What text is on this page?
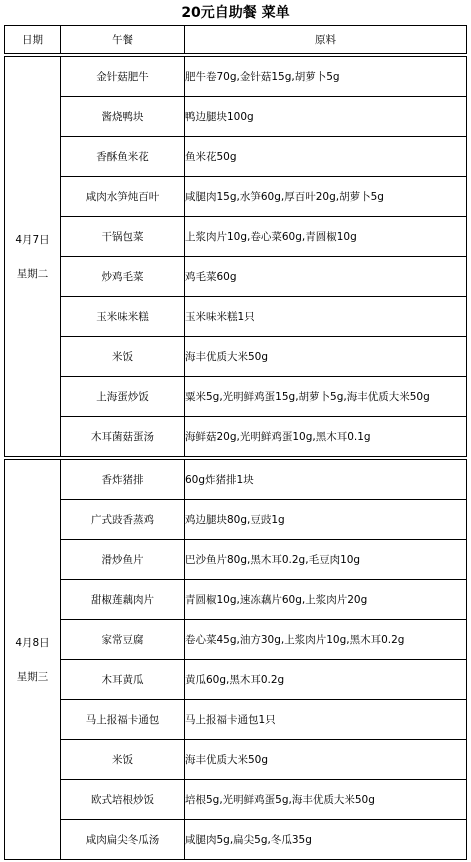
20元自助餐 菜单
日期	午餐	原料

4月7日
星期二	金针菇肥牛	肥牛卷70g,金针菇15g,胡萝卜5g
	酱烧鸭块	鸭边腿块100g
	香酥鱼米花	鱼米花50g
	咸肉水笋炖百叶	咸腿肉15g,水笋60g,厚百叶20g,胡萝卜5g
	干锅包菜	上浆肉片10g,卷心菜60g,青圆椒10g
	炒鸡毛菜	鸡毛菜60g
	玉米味米糕	玉米味米糕1只
	米饭	海丰优质大米50g
	上海蛋炒饭	粟米5g,光明鲜鸡蛋15g,胡萝卜5g,海丰优质大米50g
	木耳菌菇蛋汤	海鲜菇20g,光明鲜鸡蛋10g,黑木耳0.1g

4月8日
星期三	香炸猪排	60g炸猪排1块
	广式豉香蒸鸡	鸡边腿块80g,豆豉1g
	滑炒鱼片	巴沙鱼片80g,黑木耳0.2g,毛豆肉10g
	甜椒莲藕肉片	青圆椒10g,速冻藕片60g,上浆肉片20g
	家常豆腐	卷心菜45g,油方30g,上浆肉片10g,黑木耳0.2g
	木耳黄瓜	黄瓜60g,黑木耳0.2g
	马上报福卡通包	马上报福卡通包1只
	米饭	海丰优质大米50g
	欧式培根炒饭	培根5g,光明鲜鸡蛋5g,海丰优质大米50g
	咸肉扁尖冬瓜汤	咸腿肉5g,扁尖5g,冬瓜35g
